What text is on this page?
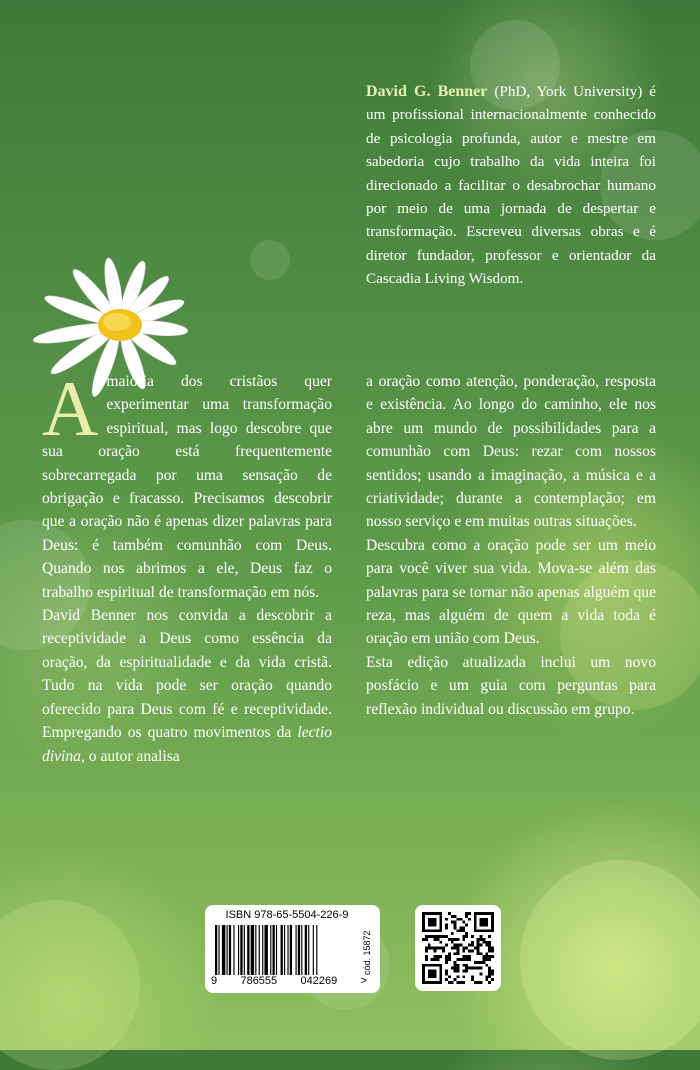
David G. Benner (PhD, York University) é um profissional internacionalmente conhecido de psicologia profunda, autor e mestre em sabedoria cujo trabalho da vida inteira foi direcionado a facilitar o desabrochar humano por meio de uma jornada de despertar e transformação. Escreveu diversas obras e é diretor fundador, professor e orientador da Cascadia Living Wisdom.

A maioria dos cristãos quer experimentar uma transformação espiritual, mas logo descobre que sua oração está frequentemente sobrecarregada por uma sensação de obrigação e fracasso. Precisamos descobrir que a oração não é apenas dizer palavras para Deus: é também comunhão com Deus. Quando nos abrimos a ele, Deus faz o trabalho espiritual de transformação em nós.

David Benner nos convida a descobrir a receptividade a Deus como essência da oração, da espiritualidade e da vida cristã. Tudo na vida pode ser oração quando oferecido para Deus com fé e receptividade. Empregando os quatro movimentos da lectio divina, o autor analisa

a oração como atenção, ponderação, resposta e existência. Ao longo do caminho, ele nos abre um mundo de possibilidades para a comunhão com Deus: rezar com nossos sentidos; usando a imaginação, a música e a criatividade; durante a contemplação; em nosso serviço e em muitas outras situações.

Descubra como a oração pode ser um meio para você viver sua vida. Mova-se além das palavras para se tornar não apenas alguém que reza, mas alguém de quem a vida toda é oração em união com Deus.

Esta edição atualizada inclui um novo posfácio e um guia com perguntas para reflexão individual ou discussão em grupo.

ISBN 978-65-5504-226-9
9 786555 042269 >
cód. 15872
